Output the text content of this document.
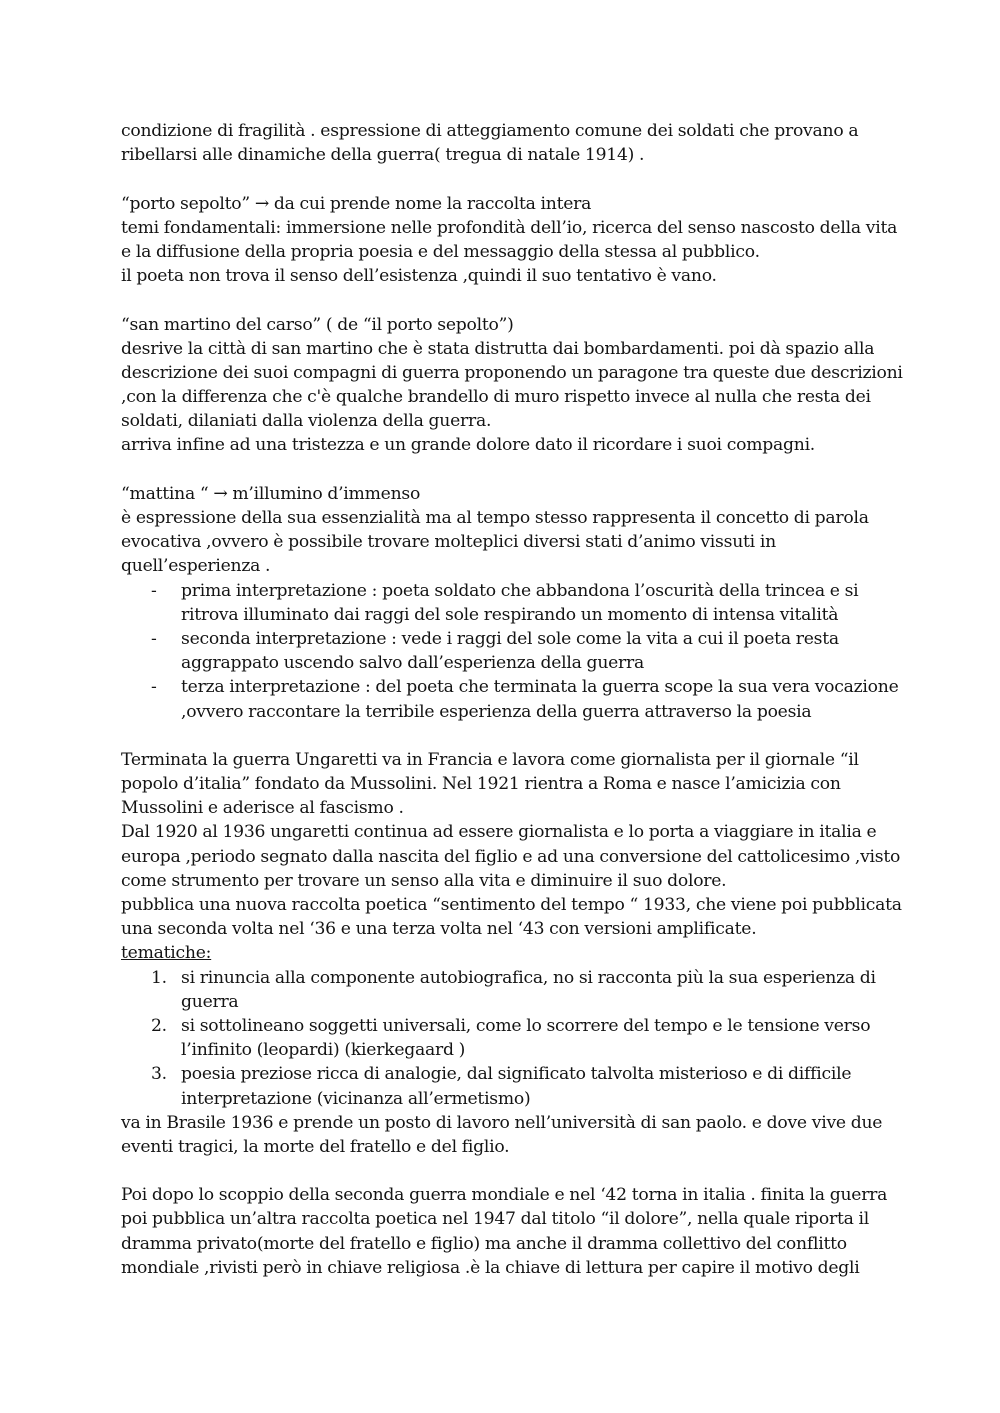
condizione di fragilità . espressione di atteggiamento comune dei soldati che provano a
ribellarsi alle dinamiche della guerra( tregua di natale 1914) .
“porto sepolto” → da cui prende nome la raccolta intera
temi fondamentali: immersione nelle profondità dell’io, ricerca del senso nascosto della vita
e la diffusione della propria poesia e del messaggio della stessa al pubblico.
il poeta non trova il senso dell’esistenza ,quindi il suo tentativo è vano.
“san martino del carso” ( de “il porto sepolto”)
desrive la città di san martino che è stata distrutta dai bombardamenti. poi dà spazio alla
descrizione dei suoi compagni di guerra proponendo un paragone tra queste due descrizioni
,con la differenza che c'è qualche brandello di muro rispetto invece al nulla che resta dei
soldati, dilaniati dalla violenza della guerra.
arriva infine ad una tristezza e un grande dolore dato il ricordare i suoi compagni.
“mattina “ → m’illumino d’immenso
è espressione della sua essenzialità ma al tempo stesso rappresenta il concetto di parola
evocativa ,ovvero è possibile trovare molteplici diversi stati d’animo vissuti in
quell’esperienza .
-	prima interpretazione : poeta soldato che abbandona l’oscurità della trincea e si
ritrova illuminato dai raggi del sole respirando un momento di intensa vitalità
-	seconda interpretazione : vede i raggi del sole come la vita a cui il poeta resta
aggrappato uscendo salvo dall’esperienza della guerra
-	terza interpretazione : del poeta che terminata la guerra scope la sua vera vocazione
,ovvero raccontare la terribile esperienza della guerra attraverso la poesia
Terminata la guerra Ungaretti va in Francia e lavora come giornalista per il giornale “il
popolo d’italia” fondato da Mussolini. Nel 1921 rientra a Roma e nasce l’amicizia con
Mussolini e aderisce al fascismo .
Dal 1920 al 1936 ungaretti continua ad essere giornalista e lo porta a viaggiare in italia e
europa ,periodo segnato dalla nascita del figlio e ad una conversione del cattolicesimo ,visto
come strumento per trovare un senso alla vita e diminuire il suo dolore.
pubblica una nuova raccolta poetica “sentimento del tempo “ 1933, che viene poi pubblicata
una seconda volta nel ‘36 e una terza volta nel ‘43 con versioni amplificate.
tematiche:
1. si rinuncia alla componente autobiografica, no si racconta più la sua esperienza di
guerra
2. si sottolineano soggetti universali, come lo scorrere del tempo e le tensione verso
l’infinito (leopardi) (kierkegaard )
3. poesia preziose ricca di analogie, dal significato talvolta misterioso e di difficile
interpretazione (vicinanza all’ermetismo)
va in Brasile 1936 e prende un posto di lavoro nell’università di san paolo. e dove vive due
eventi tragici, la morte del fratello e del figlio.
Poi dopo lo scoppio della seconda guerra mondiale e nel ‘42 torna in italia . finita la guerra
poi pubblica un’altra raccolta poetica nel 1947 dal titolo “il dolore”, nella quale riporta il
dramma privato(morte del fratello e figlio) ma anche il dramma collettivo del conflitto
mondiale ,rivisti però in chiave religiosa .è la chiave di lettura per capire il motivo degli
